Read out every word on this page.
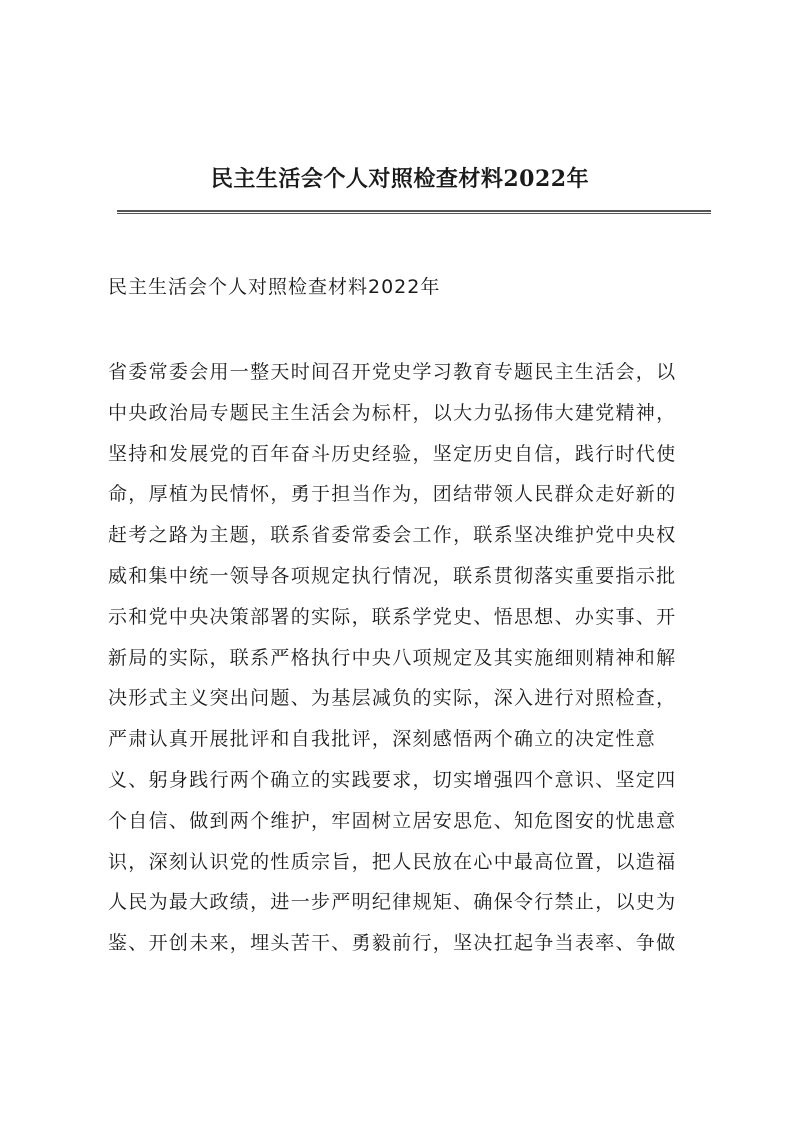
民主生活会个人对照检查材料2022年

民主生活会个人对照检查材料2022年

省委常委会用一整天时间召开党史学习教育专题民主生活会，以
中央政治局专题民主生活会为标杆，以大力弘扬伟大建党精神，
坚持和发展党的百年奋斗历史经验，坚定历史自信，践行时代使
命，厚植为民情怀，勇于担当作为，团结带领人民群众走好新的
赶考之路为主题，联系省委常委会工作，联系坚决维护党中央权
威和集中统一领导各项规定执行情况，联系贯彻落实重要指示批
示和党中央决策部署的实际，联系学党史、悟思想、办实事、开
新局的实际，联系严格执行中央八项规定及其实施细则精神和解
决形式主义突出问题、为基层减负的实际，深入进行对照检查，
严肃认真开展批评和自我批评，深刻感悟两个确立的决定性意
义、躬身践行两个确立的实践要求，切实增强四个意识、坚定四
个自信、做到两个维护，牢固树立居安思危、知危图安的忧患意
识，深刻认识党的性质宗旨，把人民放在心中最高位置，以造福
人民为最大政绩，进一步严明纪律规矩、确保令行禁止，以史为
鉴、开创未来，埋头苦干、勇毅前行，坚决扛起争当表率、争做
